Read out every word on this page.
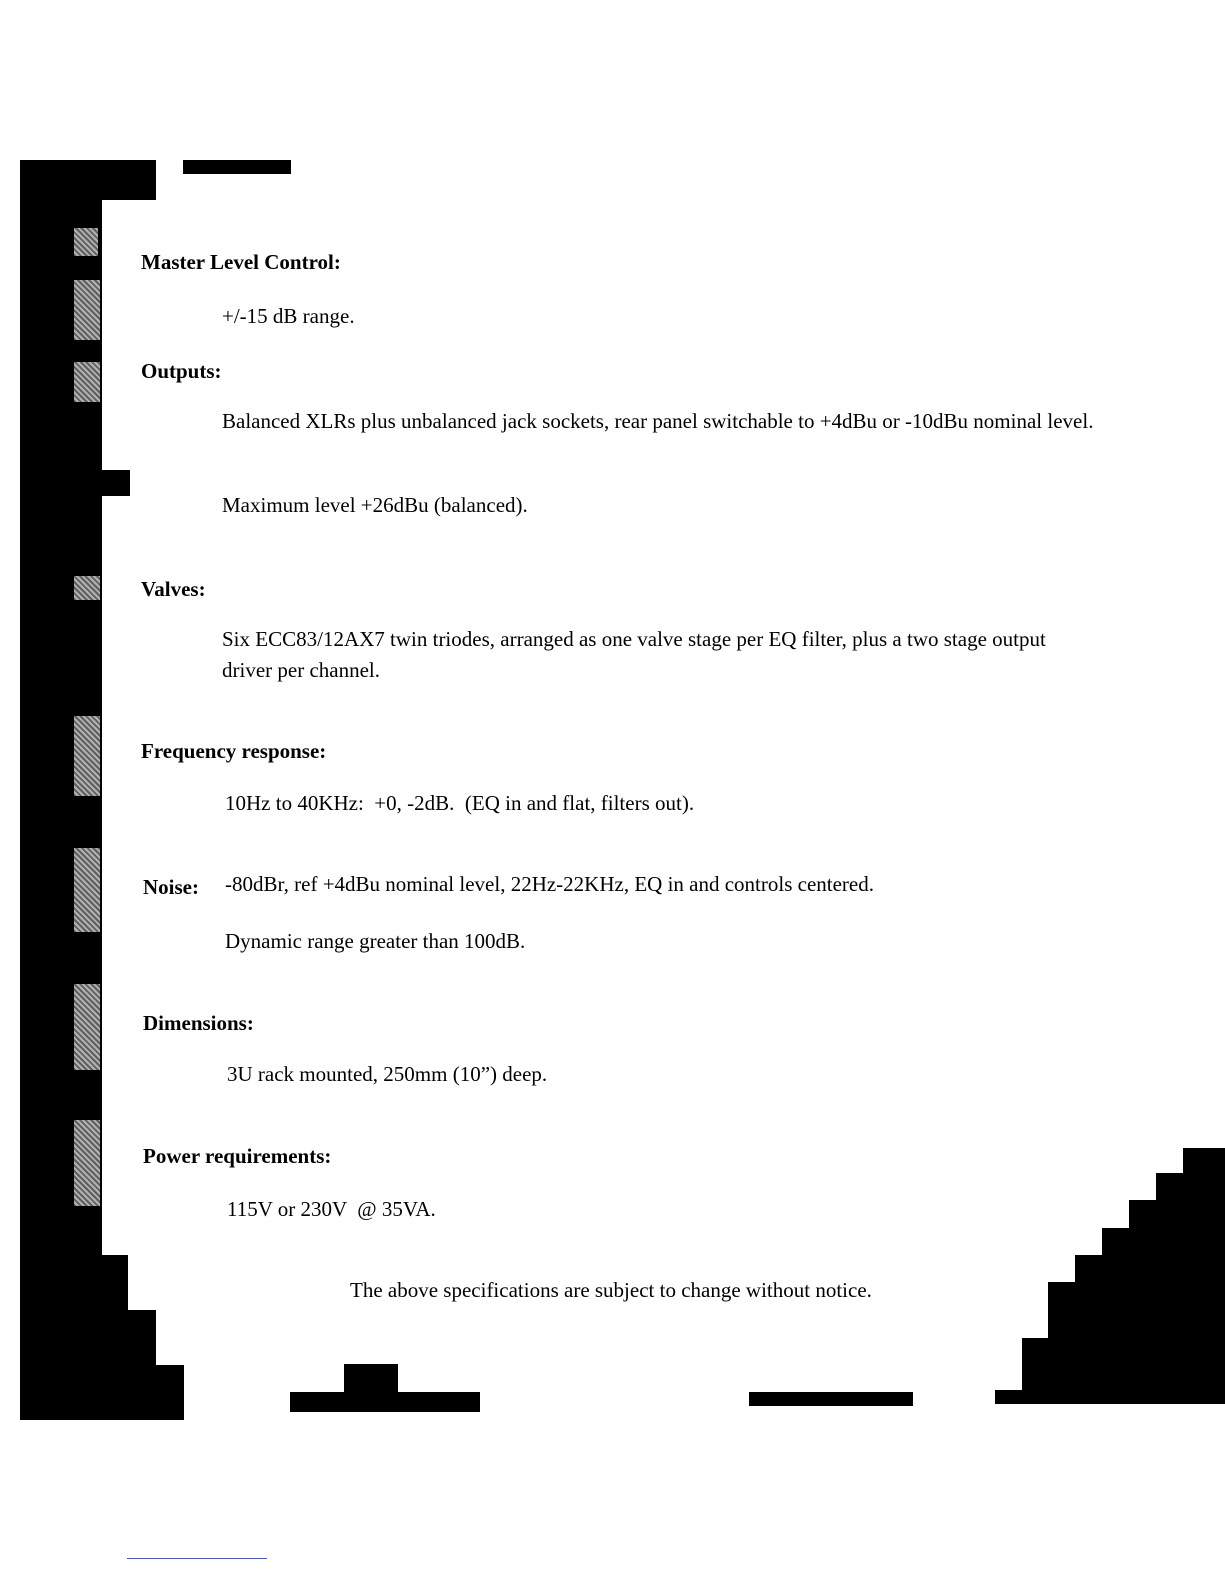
Master Level Control:
+/-15 dB range.
Outputs:
Balanced XLRs plus unbalanced jack sockets, rear panel switchable to +4dBu or -10dBu nominal level.
Maximum level +26dBu (balanced).
Valves:
Six ECC83/12AX7 twin triodes, arranged as one valve stage per EQ filter, plus a two stage output driver per channel.
Frequency response:
10Hz to 40KHz:  +0, -2dB.  (EQ in and flat, filters out).
Noise: -80dBr, ref +4dBu nominal level, 22Hz-22KHz, EQ in and controls centered.
Dynamic range greater than 100dB.
Dimensions:
3U rack mounted, 250mm (10”) deep.
Power requirements:
115V or 230V  @ 35VA.
The above specifications are subject to change without notice.
